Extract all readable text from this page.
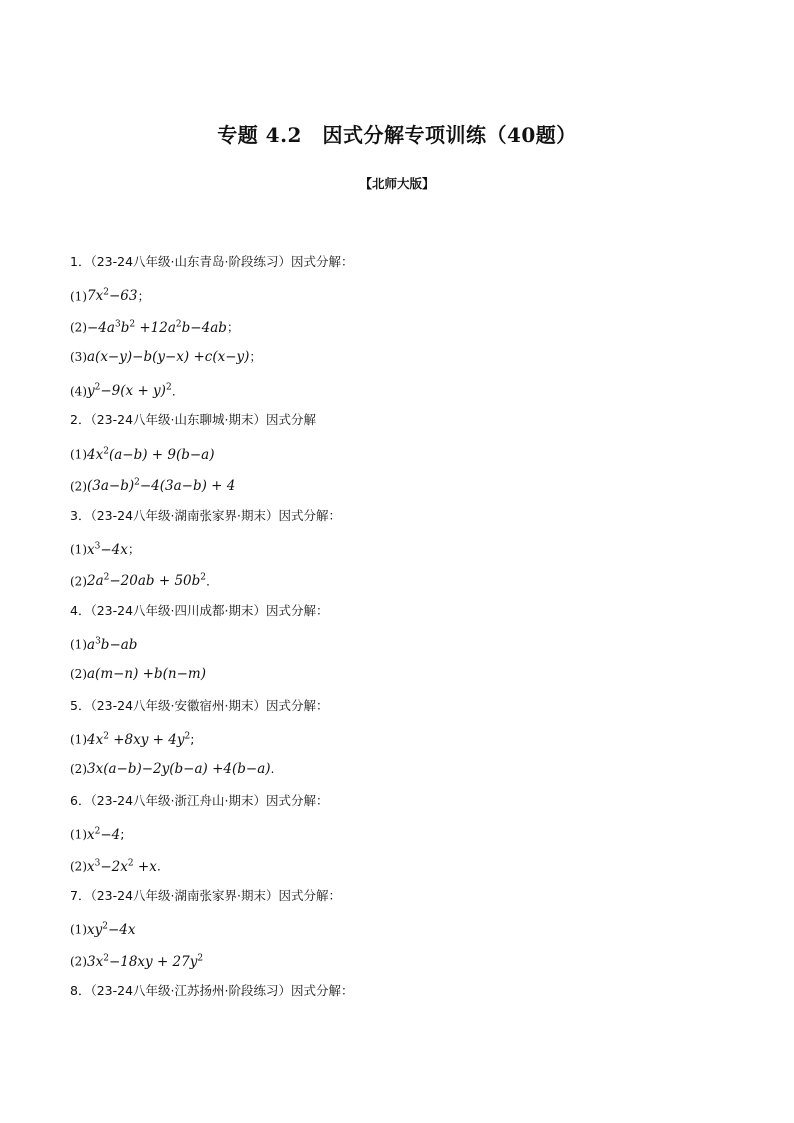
专题 4.2　因式分解专项训练（40题）
【北师大版】
1．（23-24八年级·山东青岛·阶段练习）因式分解：
$(1)7x^2-63$；
$(2)-4a^3b^2 +12a^2b-4ab$；
(3)a(x−y)−b(y−x) +c(x−y)；
$(4)y^2-9(x + y)^2$.
2．（23-24八年级·山东聊城·期末）因式分解
$(1)4x^2(a-b) + 9(b-a)$
$(2)(3a-b)^2-4(3a-b) + 4$
3．（23-24八年级·湖南张家界·期末）因式分解：
$(1)x^3-4x$；
$(2)2a^2-20ab + 50b^2$.
4．（23-24八年级·四川成都·期末）因式分解：
$(1)a^3b-ab$
(2)a(m−n) +b(n−m)
5．（23-24八年级·安徽宿州·期末）因式分解：
$(1)4x^2 +8xy + 4y^2$;
(2)3x(a−b)−2y(b−a) +4(b−a).
6．（23-24八年级·浙江舟山·期末）因式分解：
$(1)x^2-4$;
$(2)x^3-2x^2 +x$.
7．（23-24八年级·湖南张家界·期末）因式分解：
$(1)xy^2-4x$
$(2)3x^2-18xy + 27y^2$
8．（23-24八年级·江苏扬州·阶段练习）因式分解：
